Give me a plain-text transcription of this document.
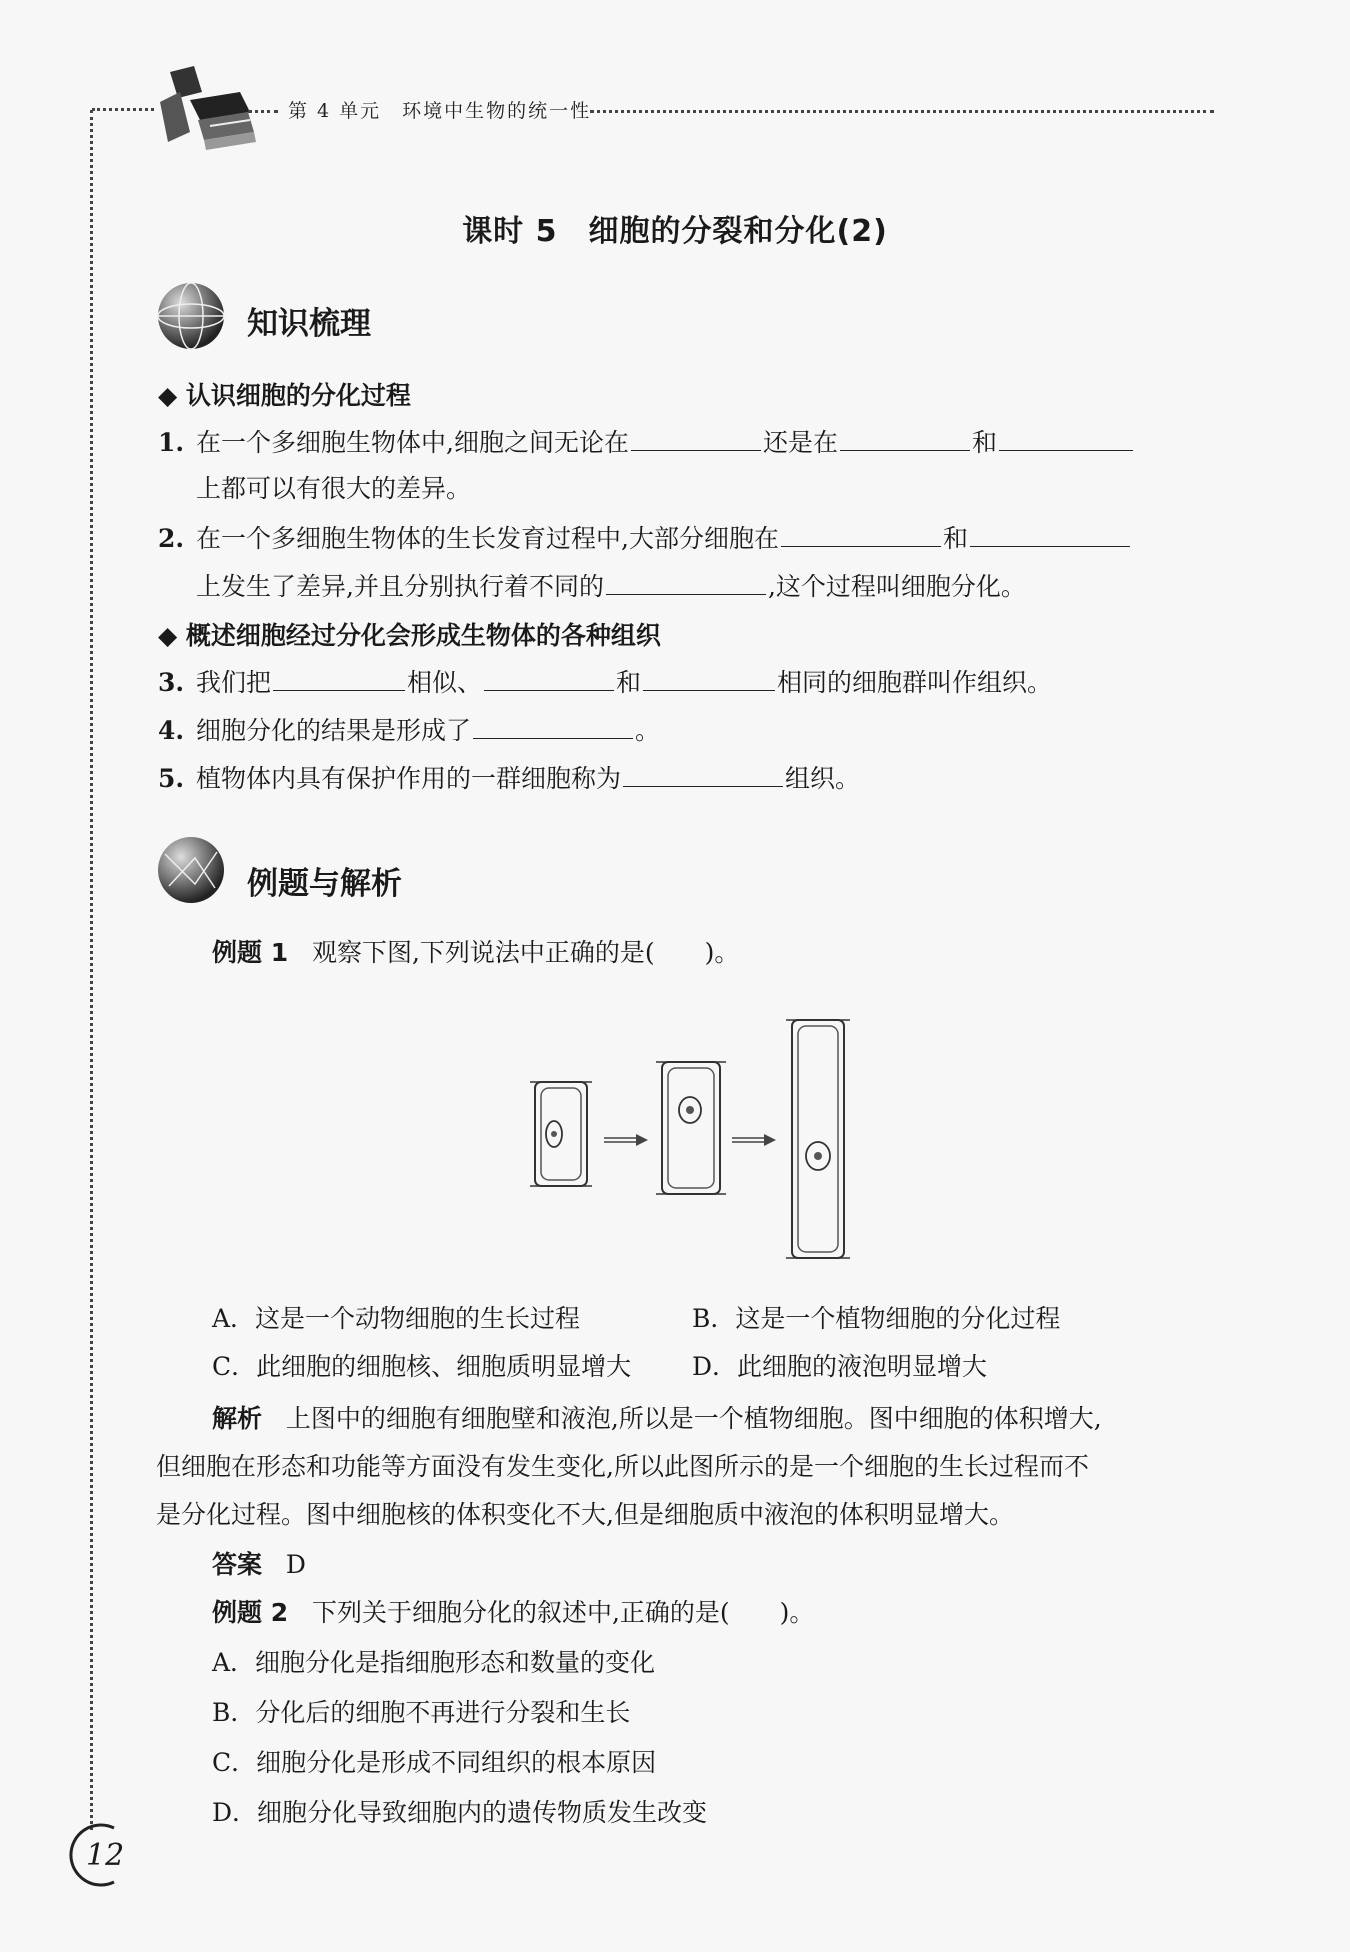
第 4 单元　环境中生物的统一性
课时 5　细胞的分裂和分化(2)
知识梳理
◆ 认识细胞的分化过程
1. 在一个多细胞生物体中,细胞之间无论在	还是在	和
上都可以有很大的差异。
2. 在一个多细胞生物体的生长发育过程中,大部分细胞在	和
上发生了差异,并且分别执行着不同的	,这个过程叫细胞分化。
◆ 概述细胞经过分化会形成生物体的各种组织
3. 我们把	相似、	和	相同的细胞群叫作组织。
4. 细胞分化的结果是形成了	。
5. 植物体内具有保护作用的一群细胞称为	组织。
例题与解析
例题 1 观察下图,下列说法中正确的是(　　)。
A．这是一个动物细胞的生长过程	B．这是一个植物细胞的分化过程
C．此细胞的细胞核、细胞质明显增大 D．此细胞的液泡明显增大
解析 上图中的细胞有细胞壁和液泡,所以是一个植物细胞。图中细胞的体积增大,
但细胞在形态和功能等方面没有发生变化,所以此图所示的是一个细胞的生长过程而不
是分化过程。图中细胞核的体积变化不大,但是细胞质中液泡的体积明显增大。
答案 D
例题 2 下列关于细胞分化的叙述中,正确的是(　　)。
A．细胞分化是指细胞形态和数量的变化
B．分化后的细胞不再进行分裂和生长
C．细胞分化是形成不同组织的根本原因
D．细胞分化导致细胞内的遗传物质发生改变
12
